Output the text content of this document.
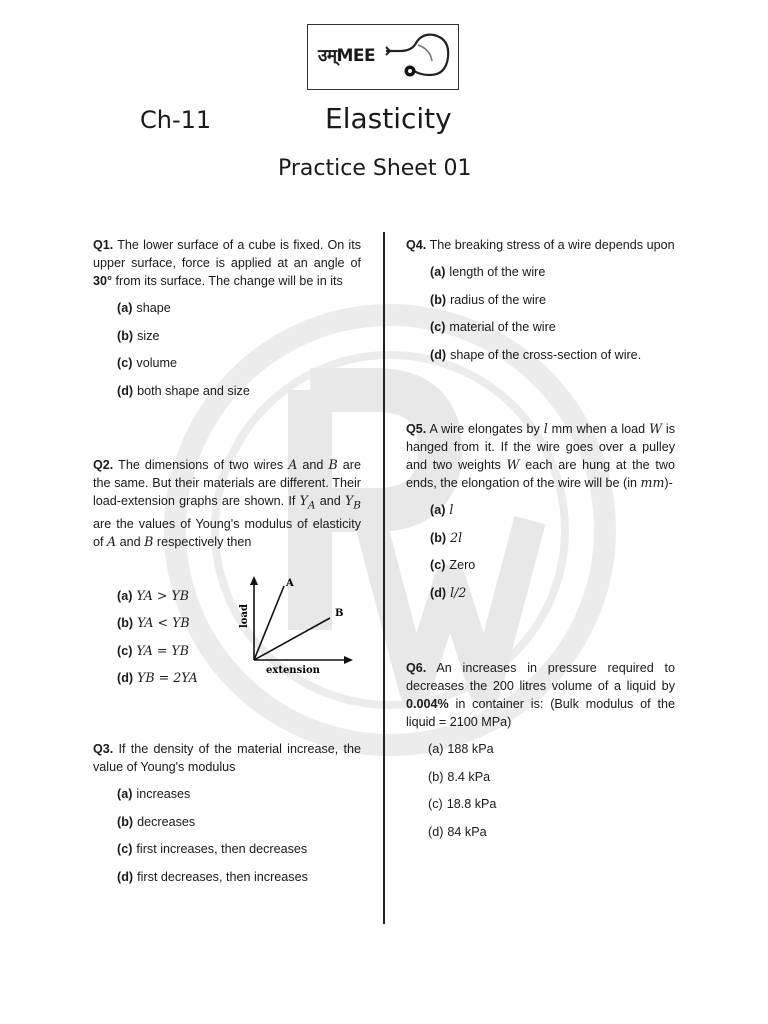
उम्MEE
Ch-11	Elasticity
Practice Sheet 01

Q1. The lower surface of a cube is fixed. On its upper surface, force is applied at an angle of 30° from its surface. The change will be in its

(a) shape
(b) size
(c) volume
(d) both shape and size

Q2. The dimensions of two wires A and B are the same. But their materials are different. Their load-extension graphs are shown. If $Y_A$ and $Y_B$ are the values of Young's modulus of elasticity of A and B respectively then

(a) YA > YB
(b) YA < YB
(c) YA = YB
(d) YB = 2YA
A
B
load
extension

Q3. If the density of the material increase, the value of Young's modulus

(a) increases
(b) decreases
(c) first increases, then decreases
(d) first decreases, then increases

Q4. The breaking stress of a wire depends upon

(a) length of the wire
(b) radius of the wire
(c) material of the wire
(d) shape of the cross-section of wire.

Q5. A wire elongates by l mm when a load W is hanged from it. If the wire goes over a pulley and two weights W each are hung at the two ends, the elongation of the wire will be (in mm)-

(a) l
(b) 2l
(c) Zero
(d) l/2

Q6. An increases in pressure required to decreases the 200 litres volume of a liquid by 0.004% in container is: (Bulk modulus of the liquid = 2100 MPa)

(a) 188 kPa
(b) 8.4 kPa
(c) 18.8 kPa
(d) 84 kPa
